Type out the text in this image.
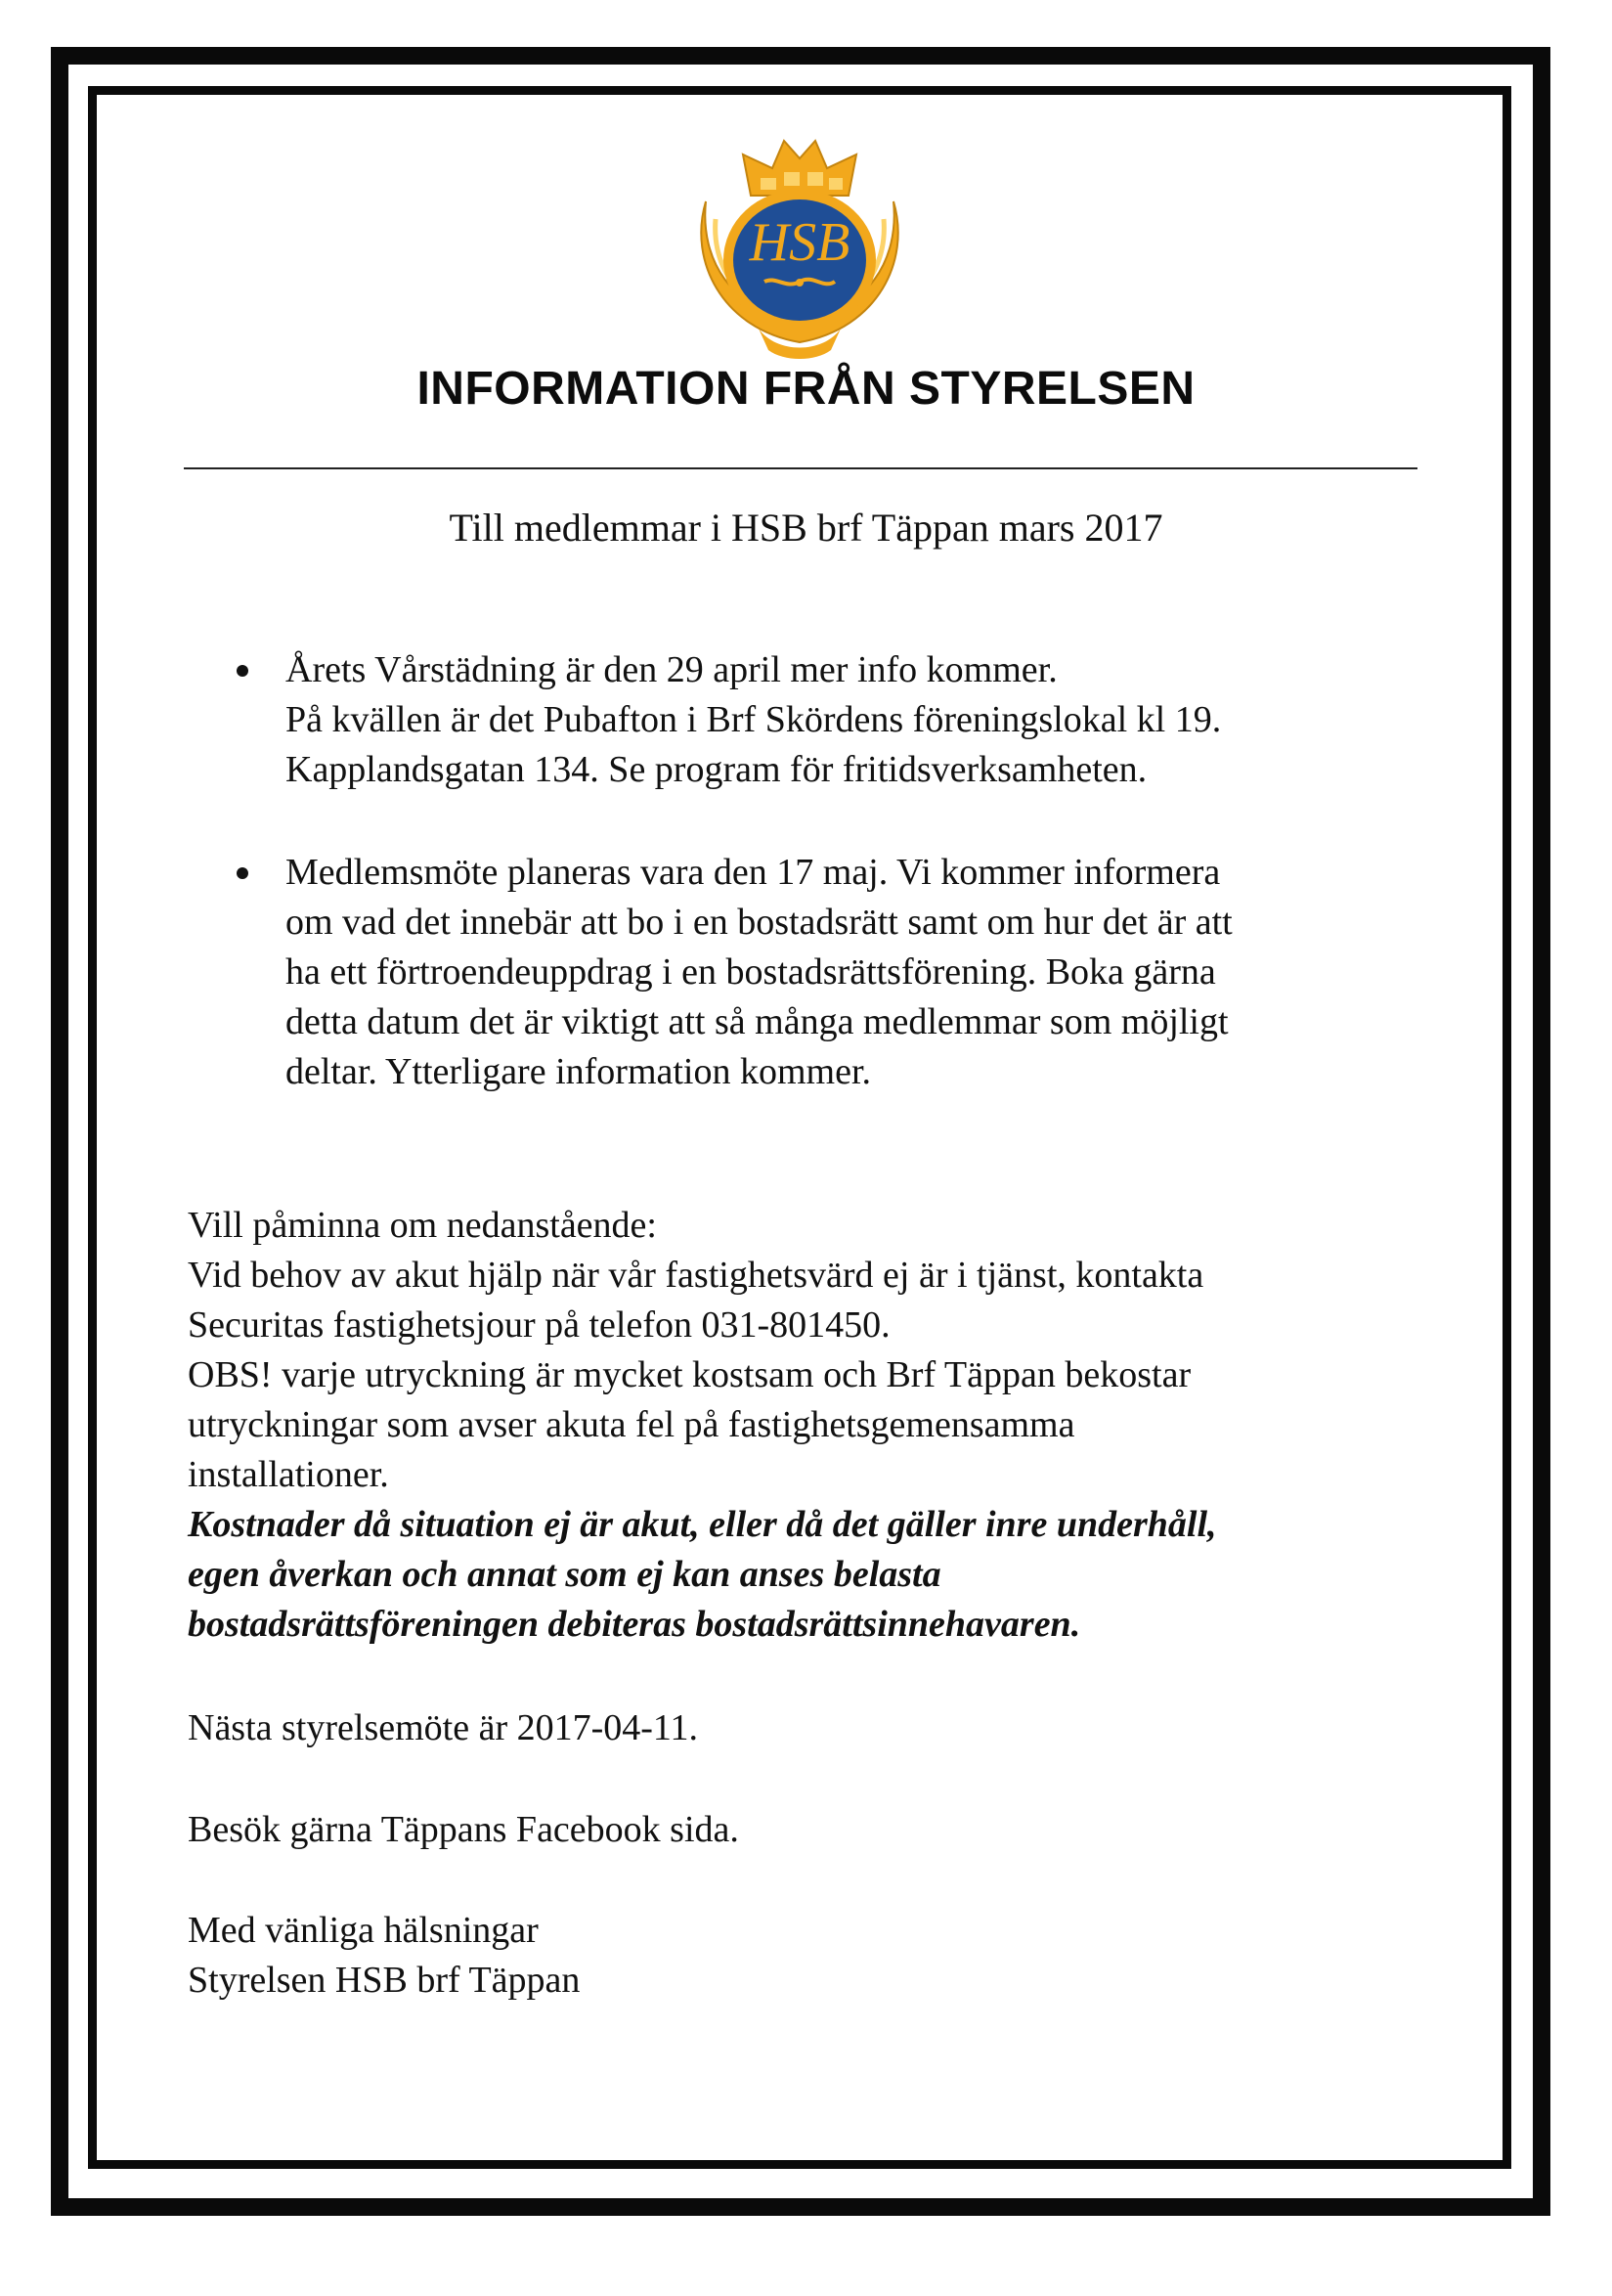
HSB
INFORMATION FRÅN STYRELSEN
Till medlemmar i HSB brf Täppan mars 2017
Årets Vårstädning är den 29 april mer info kommer.
På kvällen är det Pubafton i Brf Skördens föreningslokal kl 19.
Kapplandsgatan 134. Se program för fritidsverksamheten.
Medlemsmöte planeras vara den 17 maj. Vi kommer informera
om vad det innebär att bo i en bostadsrätt samt om hur det är att
ha ett förtroendeuppdrag i en bostadsrättsförening. Boka gärna
detta datum det är viktigt att så många medlemmar som möjligt
deltar. Ytterligare information kommer.
Vill påminna om nedanstående:
Vid behov av akut hjälp när vår fastighetsvärd ej är i tjänst, kontakta
Securitas fastighetsjour på telefon 031-801450.
OBS! varje utryckning är mycket kostsam och Brf Täppan bekostar
utryckningar som avser akuta fel på fastighetsgemensamma
installationer.
Kostnader då situation ej är akut, eller då det gäller inre underhåll,
egen åverkan och annat som ej kan anses belasta
bostadsrättsföreningen debiteras bostadsrättsinnehavaren.
Nästa styrelsemöte är 2017-04-11.
Besök gärna Täppans Facebook sida.
Med vänliga hälsningar
Styrelsen HSB brf Täppan
